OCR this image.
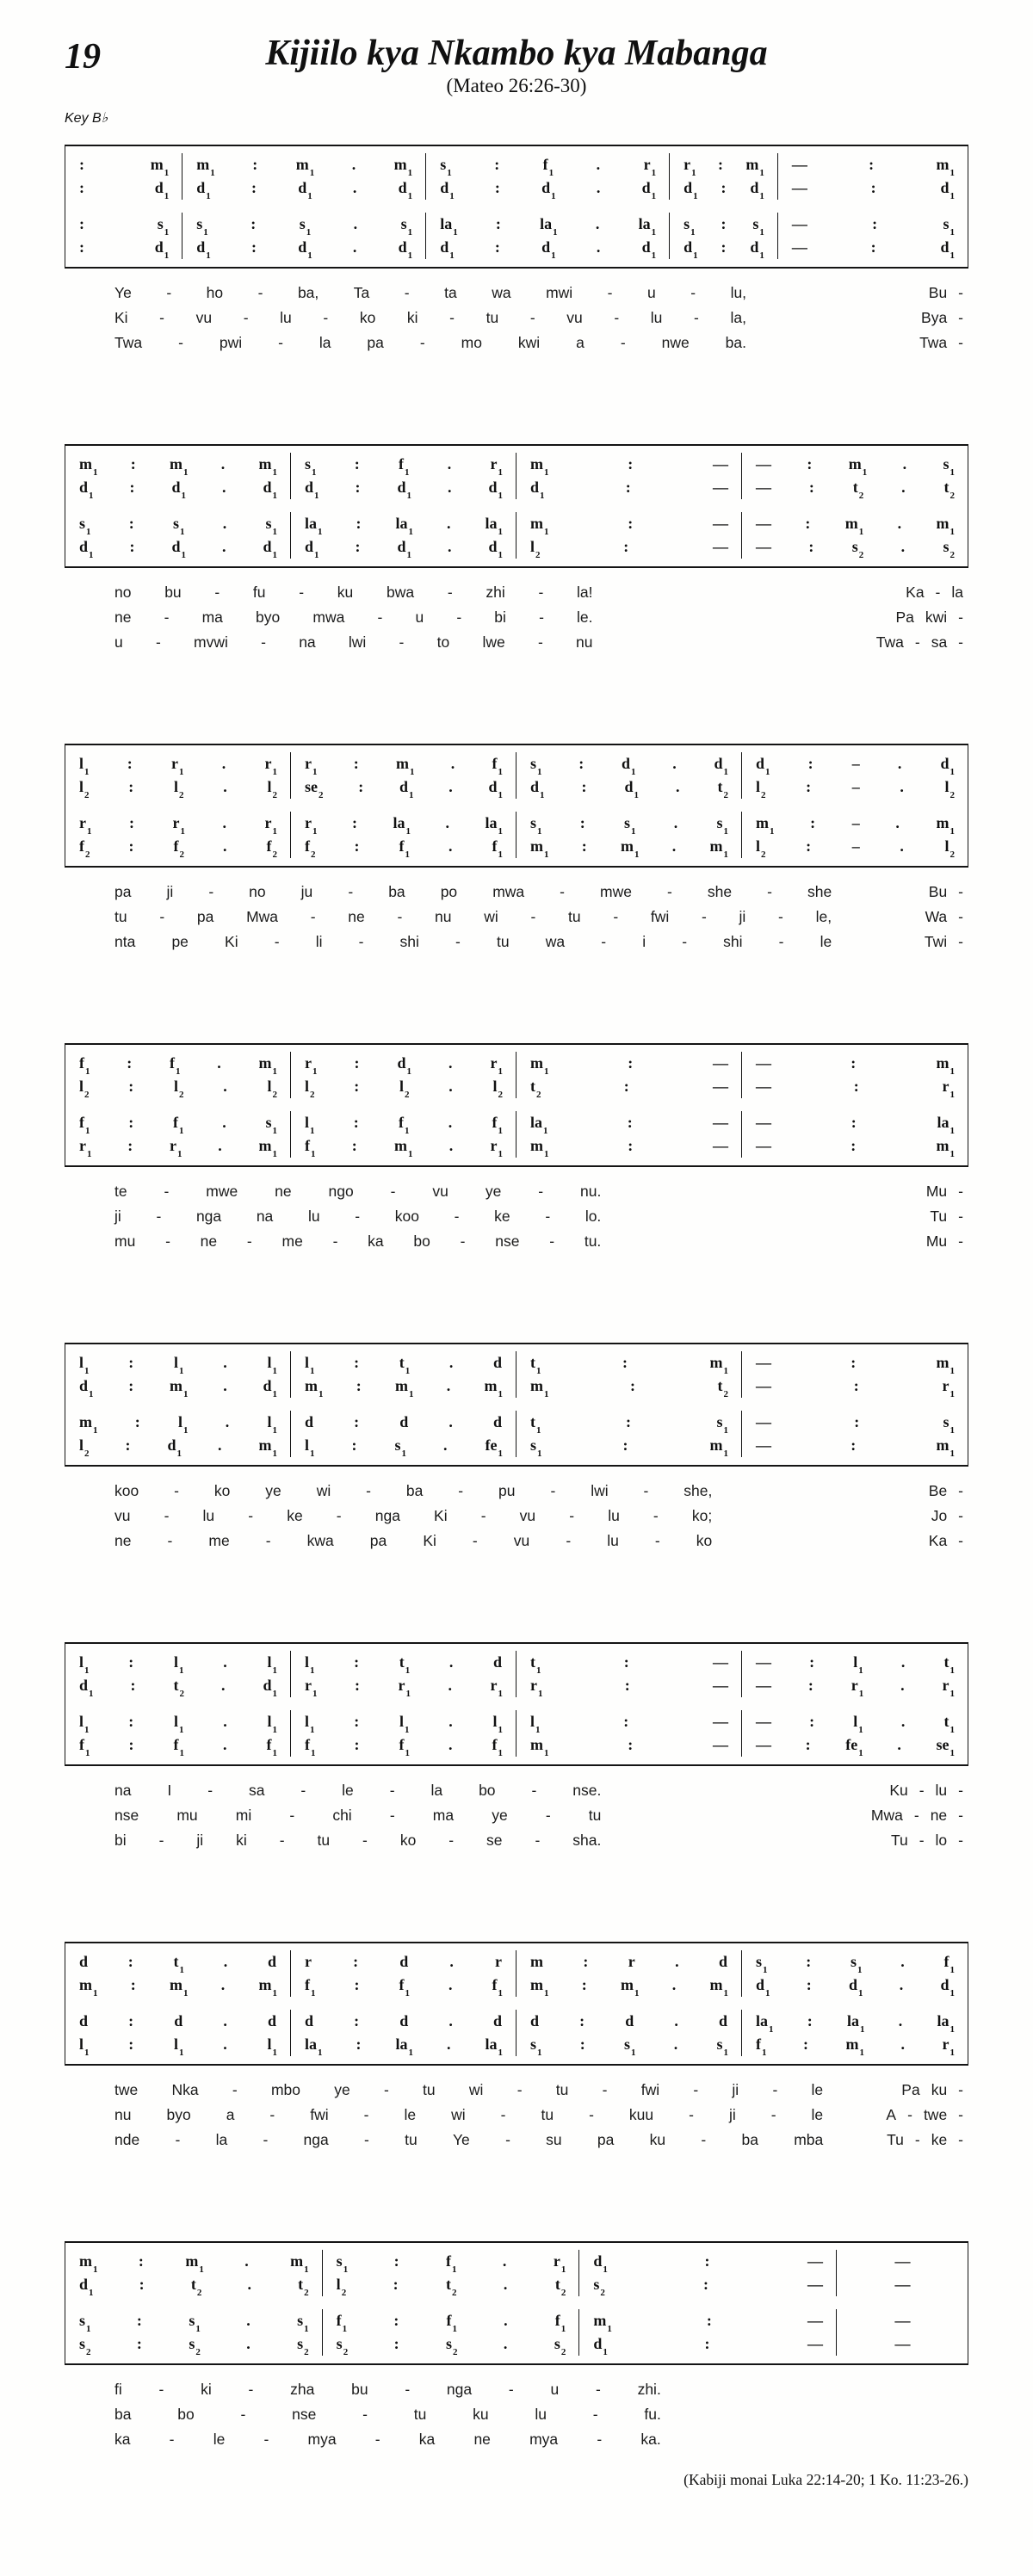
19	Kijiilo kya Nkambo kya Mabanga
(Mateo 26:26-30)
Key B♭
:	$m_1$
:	$d_1$
$m_1$ : $m_1$ . $m_1$
$d_1$	:	$d_1$	.	$d_1$
$s_1$	:	$f_1$	.	$r_1$
$d_1$	:	$d_1$	.	$d_1$
$r_1$ : $m_1$
$d_1$ : $d_1$
—	:	$m_1$
—	:	$d_1$
:	$s_1$
:	$d_1$
$s_1$	:	$s_1$	.	$s_1$
$d_1$	:	$d_1$	.	$d_1$
$la_1$ :	$la_1$ .	$la_1$
$d_1$	:	$d_1$	.	$d_1$
$s_1$ : $s_1$
$d_1$ : $d_1$
—	:	$s_1$
—	:	$d_1$
Ye - ho - ba, Ta - ta wa mwi - u - lu,	Bu -
Ki - vu - lu - ko ki - tu - vu - lu - la,	Bya -
Twa - pwi - la pa - mo kwi a - nwe ba.	Twa -
$m_1$ : $m_1$ . $m_1$
$d_1$ : $d_1$ . $d_1$
$s_1$ :	$f_1$ .	$r_1$
$d_1$ : $d_1$ . $d_1$
$m_1$	:	—
$d_1$	:	—
— : $m_1$ . $s_1$
— : $t_2$ . $t_2$
$s_1$ :	$s_1$ .	$s_1$
$d_1$ : $d_1$ . $d_1$
$la_1$ : $la_1$ . $la_1$
$d_1$ : $d_1$ . $d_1$
$m_1$	:	—
$l_2$	:	—
— : $m_1$ . $m_1$
— : $s_2$ . $s_2$
no bu - fu - ku bwa - zhi - la!	Ka - la
ne - ma byo mwa - u - bi - le.	Pa kwi -
u - mvwi - na lwi - to lwe - nu	Twa - sa -
$l_1$ :	$r_1$ .	$r_1$
$l_2$	:	$l_2$	.	$l_2$
$r_1$ : $m_1$ . $f_1$
$se_2$ : $d_1$ . $d_1$
$s_1$ : $d_1$ . $d_1$
$d_1$ : $d_1$ . $t_2$
$d_1$ :	–	.	$d_1$
$l_2$	:	–	.	$l_2$
$r_1$ : $r_1$ . $r_1$
$f_2$	:	$f_2$	.	$f_2$
$r_1$ : $la_1$ . $la_1$
$f_2$	:	$f_1$	.	$f_1$
$s_1$ :	$s_1$ .	$s_1$
$m_1$ : $m_1$ . $m_1$
$m_1$ : – . $m_1$
$l_2$	:	–	.	$l_2$
pa ji - no ju - ba po mwa - mwe - she - she	Bu -
tu - pa Mwa - ne - nu wi - tu - fwi - ji - le,	Wa -
nta pe Ki - li - shi - tu wa - i - shi - le	Twi -
$f_1$ : $f_1$ . $m_1$
$l_2$	:	$l_2$	.	$l_2$
$r_1$ : $d_1$ . $r_1$
$l_2$	:	$l_2$	.	$l_2$
$m_1$	:	—
$t_2$	:	—
—	:	$m_1$
—	:	$r_1$
$f_1$ :	$f_1$ .	$s_1$
$r_1$ : $r_1$ . $m_1$
$l_1$	:	$f_1$	.	$f_1$
$f_1$ : $m_1$ . $r_1$
$la_1$	:	—
$m_1$	:	—
—	:	$la_1$
—	:	$m_1$
te - mwe ne ngo - vu ye - nu.	Mu -
ji - nga na lu - koo - ke - lo.	Tu -
mu - ne - me - ka bo - nse - tu.	Mu -
$l_1$	:	$l_1$	.	$l_1$
$d_1$ : $m_1$ . $d_1$
$l_1$	:	$t_1$	.	d
$m_1$ : $m_1$ . $m_1$
$t_1$	:	$m_1$
$m_1$	:	$t_2$
—	:	$m_1$
—	:	$r_1$
$m_1$ : $l_1$ . $l_1$
$l_2$ : $d_1$ . $m_1$
d	:	d	.	d
$l_1$ : $s_1$ . $fe_1$
$t_1$	:	$s_1$
$s_1$	:	$m_1$
—	:	$s_1$
—	:	$m_1$
koo - ko ye wi - ba - pu - lwi - she,	Be -
vu - lu - ke - nga Ki - vu - lu - ko;	Jo -
ne - me - kwa pa Ki - vu - lu - ko	Ka -
$l_1$	:	$l_1$	.	$l_1$
$d_1$ : $t_2$ . $d_1$
$l_1$	:	$t_1$	.	d
$r_1$ : $r_1$ . $r_1$
$t_1$	:	—
$r_1$	:	—
—	:	$l_1$ .	$t_1$
— : $r_1$ . $r_1$
$l_1$	:	$l_1$	.	$l_1$
$f_1$	:	$f_1$	.	$f_1$
$l_1$	:	$l_1$	.	$l_1$
$f_1$	:	$f_1$	.	$f_1$
$l_1$	:	—
$m_1$	:	—
—	:	$l_1$ .	$t_1$
— : $fe_1$ . $se_1$
na I - sa - le - la bo - nse.	Ku - lu -
nse	mu	mi	-	chi	-	ma	ye	-	tu	Mwa - ne -
bi - ji ki - tu - ko - se - sha.	Tu - lo -
d	:	$t_1$	.	d
$m_1$ : $m_1$ . $m_1$
r	:	d	.	r
$f_1$	:	$f_1$	.	$f_1$
m	:	r	.	d
$m_1$ : $m_1$ . $m_1$
$s_1$ :	$s_1$ .	$f_1$
$d_1$ : $d_1$ . $d_1$
d	:	d	.	d
$l_1$	:	$l_1$	.	$l_1$
d	:	d	.	d
$la_1$ : $la_1$ . $la_1$
d	:	d	.	d
$s_1$ :	$s_1$ .	$s_1$
$la_1$ : $la_1$ . $la_1$
$f_1$ : $m_1$ . $r_1$
twe Nka - mbo ye - tu wi - tu - fwi - ji - le	Pa ku -
nu byo a - fwi - le wi - tu - kuu - ji - le	A - twe -
nde - la - nga - tu Ye - su pa ku - ba mba	Tu - ke -
$m_1$	:	$m_1$	.	$m_1$
$d_1$	:	$t_2$	.	$t_2$
$s_1$	:	$f_1$	.	$r_1$
$l_2$	:	$t_2$	.	$t_2$
$d_1$	:	—
$s_2$	:	—
—
—
$s_1$	:	$s_1$	.	$s_1$
$s_2$	:	$s_2$	.	$s_2$
$f_1$	:	$f_1$	.	$f_1$
$s_2$	:	$s_2$	.	$s_2$
$m_1$	:	—
$d_1$	:	—
—
—
fi - ki - zha bu - nga - u - zhi.
ba	bo	-	nse	-	tu	ku	lu	-	fu.
ka	-	le	-	mya	-	ka	ne	mya	-	ka.
(Kabiji monai Luka 22:14-20; 1 Ko. 11:23-26.)
